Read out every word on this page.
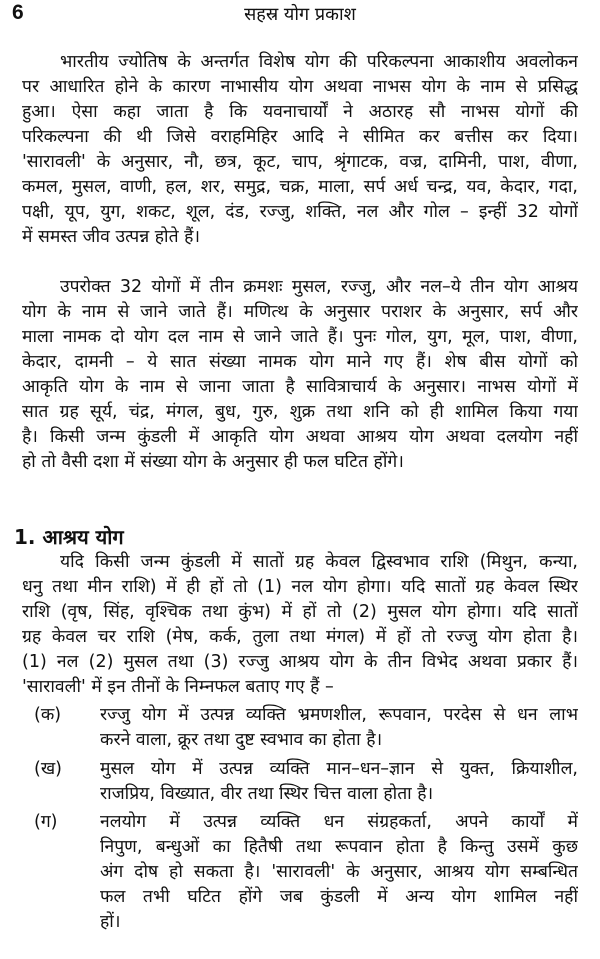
6	सहस्र योग प्रकाश
भारतीय ज्योतिष के अन्तर्गत विशेष योग की परिकल्पना आकाशीय अवलोकन
पर आधारित होने के कारण नाभासीय योग अथवा नाभस योग के नाम से प्रसिद्ध
हुआ। ऐसा कहा जाता है कि यवनाचार्यों ने अठारह सौ नाभस योगों की
परिकल्पना की थी जिसे वराहमिहिर आदि ने सीमित कर बत्तीस कर दिया।
'सारावली' के अनुसार, नौ, छत्र, कूट, चाप, श्रृंगाटक, वज्र, दामिनी, पाश, वीणा,
कमल, मुसल, वाणी, हल, शर, समुद्र, चक्र, माला, सर्प अर्ध चन्द्र, यव, केदार, गदा,
पक्षी, यूप, युग, शकट, शूल, दंड, रज्जु, शक्ति, नल और गोल – इन्हीं 32 योगों
में समस्त जीव उत्पन्न होते हैं।
उपरोक्त 32 योगों में तीन क्रमशः मुसल, रज्जु, और नल–ये तीन योग आश्रय
योग के नाम से जाने जाते हैं। मणित्थ के अनुसार पराशर के अनुसार, सर्प और
माला नामक दो योग दल नाम से जाने जाते हैं। पुनः गोल, युग, मूल, पाश, वीणा,
केदार, दामनी – ये सात संख्या नामक योग माने गए हैं। शेष बीस योगों को
आकृति योग के नाम से जाना जाता है सावित्राचार्य के अनुसार। नाभस योगों में
सात ग्रह सूर्य, चंद्र, मंगल, बुध, गुरु, शुक्र तथा शनि को ही शामिल किया गया
है। किसी जन्म कुंडली में आकृति योग अथवा आश्रय योग अथवा दलयोग नहीं
हो तो वैसी दशा में संख्या योग के अनुसार ही फल घटित होंगे।
1. आश्रय योग
यदि किसी जन्म कुंडली में सातों ग्रह केवल द्विस्वभाव राशि (मिथुन, कन्या,
धनु तथा मीन राशि) में ही हों तो (1) नल योग होगा। यदि सातों ग्रह केवल स्थिर
राशि (वृष, सिंह, वृश्चिक तथा कुंभ) में हों तो (2) मुसल योग होगा। यदि सातों
ग्रह केवल चर राशि (मेष, कर्क, तुला तथा मंगल) में हों तो रज्जु योग होता है।
(1) नल (2) मुसल तथा (3) रज्जु आश्रय योग के तीन विभेद अथवा प्रकार हैं।
'सारावली' में इन तीनों के निम्नफल बताए गए हैं –
(क) रज्जु योग में उत्पन्न व्यक्ति भ्रमणशील, रूपवान, परदेस से धन लाभ
करने वाला, क्रूर तथा दुष्ट स्वभाव का होता है।
(ख) मुसल योग में उत्पन्न व्यक्ति मान–धन–ज्ञान से युक्त, क्रियाशील,
राजप्रिय, विख्यात, वीर तथा स्थिर चित्त वाला होता है।
(ग) नलयोग में उत्पन्न व्यक्ति धन संग्रहकर्ता, अपने कार्यों में
निपुण, बन्धुओं का हितैषी तथा रूपवान होता है किन्तु उसमें कुछ
अंग दोष हो सकता है। 'सारावली' के अनुसार, आश्रय योग सम्बन्धित
फल तभी घटित होंगे जब कुंडली में अन्य योग शामिल नहीं
हों।
